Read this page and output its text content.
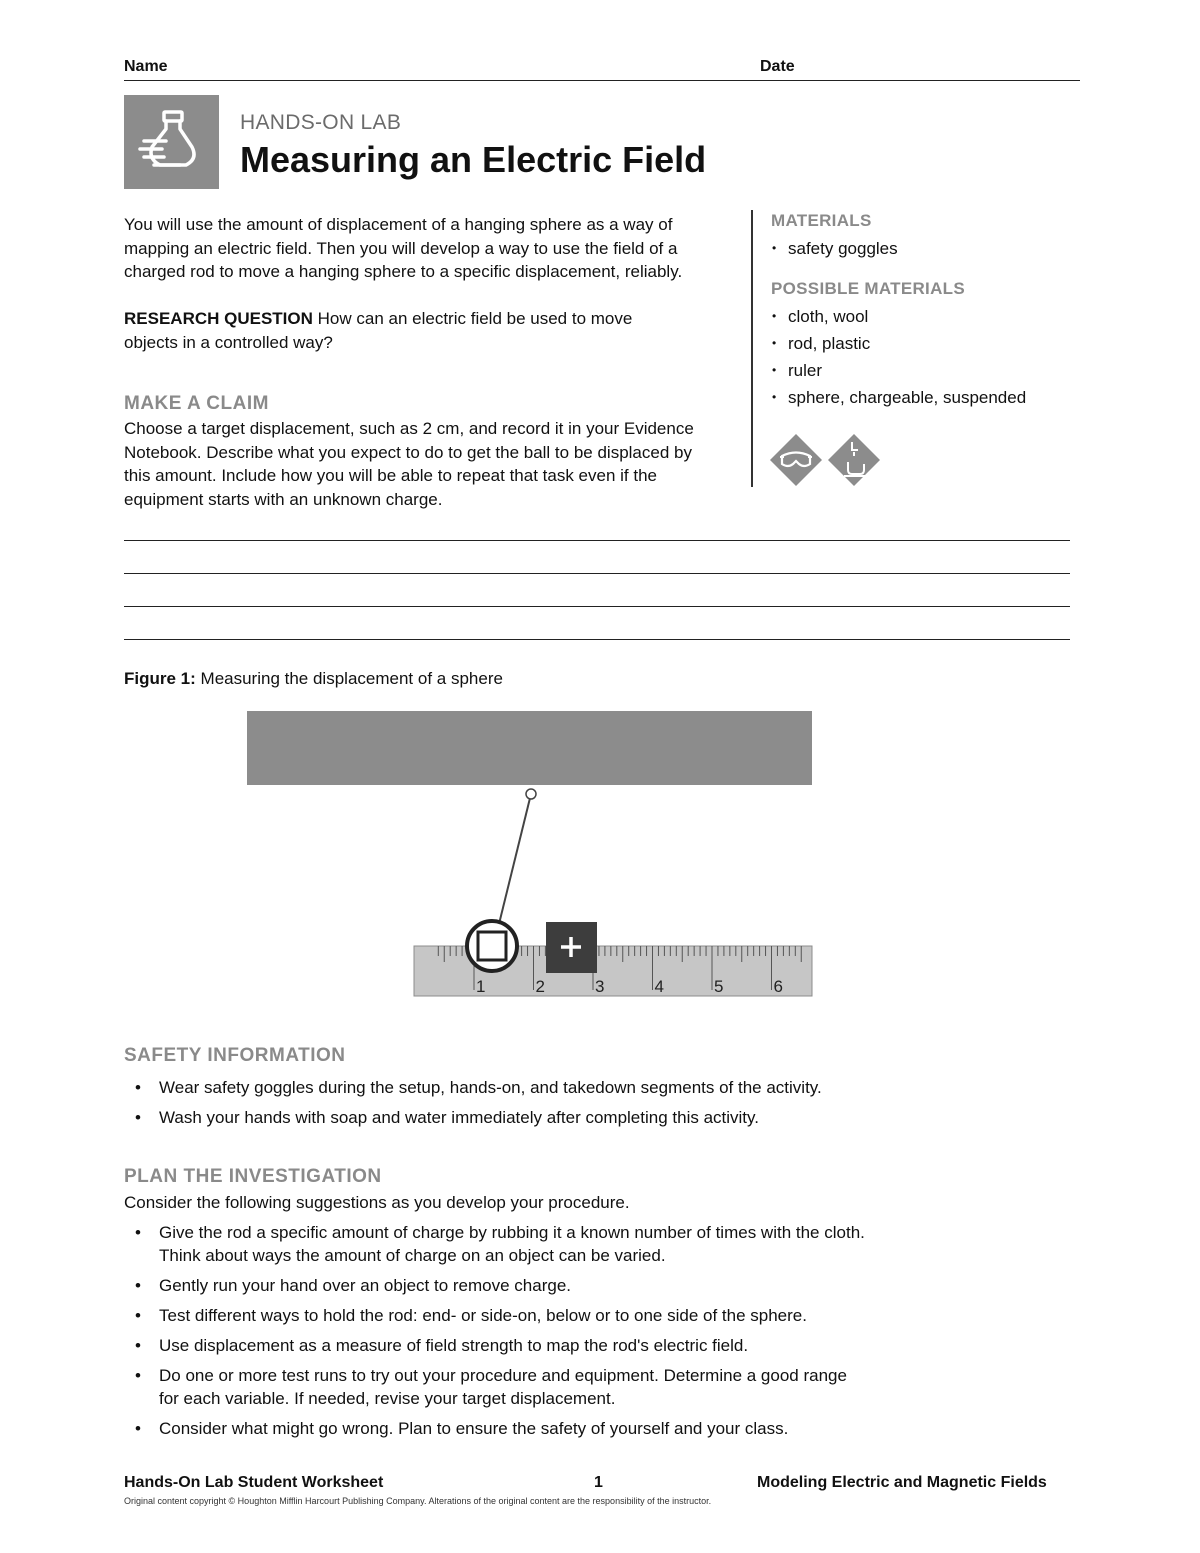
Name	Date
HANDS-ON LAB
Measuring an Electric Field
You will use the amount of displacement of a hanging sphere as a way of
mapping an electric field. Then you will develop a way to use the field of a
charged rod to move a hanging sphere to a specific displacement, reliably.
RESEARCH QUESTION How can an electric field be used to move
objects in a controlled way?
MAKE A CLAIM
Choose a target displacement, such as 2 cm, and record it in your Evidence
Notebook. Describe what you expect to do to get the ball to be displaced by
this amount. Include how you will be able to repeat that task even if the
equipment starts with an unknown charge.
MATERIALS
• safety goggles
POSSIBLE MATERIALS
• cloth, wool
• rod, plastic
• ruler
• sphere, chargeable, suspended
Figure 1: Measuring the displacement of a sphere
1	2	3	4	5	6
SAFETY INFORMATION
• Wear safety goggles during the setup, hands-on, and takedown segments of the activity.
• Wash your hands with soap and water immediately after completing this activity.
PLAN THE INVESTIGATION
Consider the following suggestions as you develop your procedure.
• Give the rod a specific amount of charge by rubbing it a known number of times with the cloth.
Think about ways the amount of charge on an object can be varied.
• Gently run your hand over an object to remove charge.
• Test different ways to hold the rod: end- or side-on, below or to one side of the sphere.
• Use displacement as a measure of field strength to map the rod's electric field.
• Do one or more test runs to try out your procedure and equipment. Determine a good range
for each variable. If needed, revise your target displacement.
• Consider what might go wrong. Plan to ensure the safety of yourself and your class.
Hands-On Lab Student Worksheet	1	Modeling Electric and Magnetic Fields
Original content copyright © Houghton Mifflin Harcourt Publishing Company. Alterations of the original content are the responsibility of the instructor.
